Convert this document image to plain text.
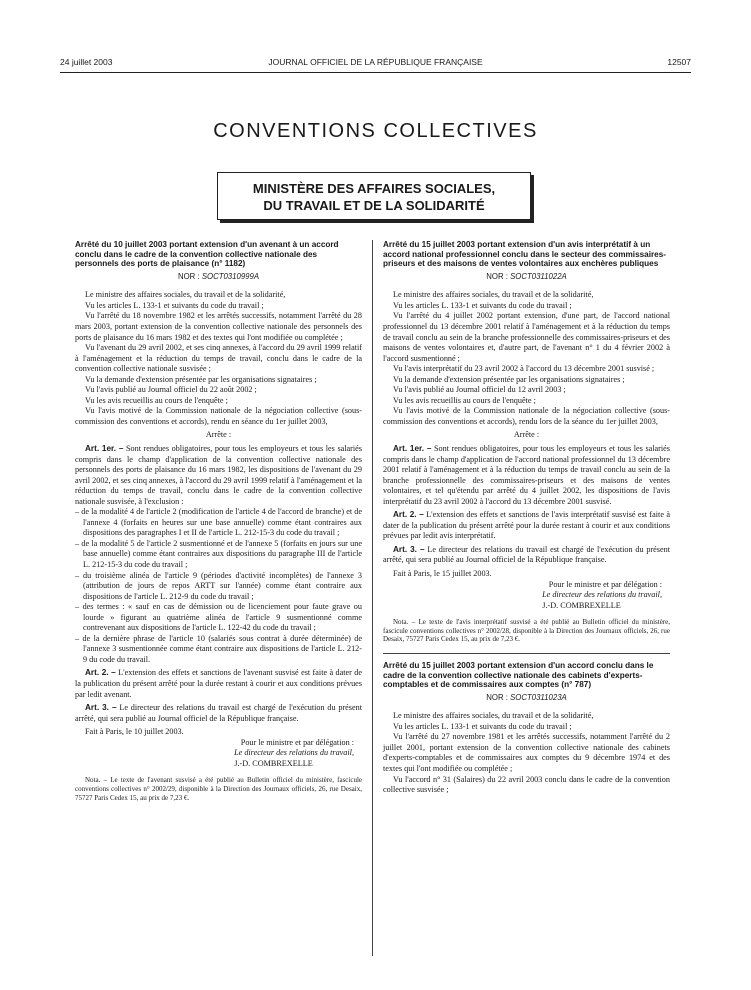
24 juillet 2003	JOURNAL OFFICIEL DE LA RÉPUBLIQUE FRANÇAISE	12507
CONVENTIONS COLLECTIVES
MINISTÈRE DES AFFAIRES SOCIALES,
DU TRAVAIL ET DE LA SOLIDARITÉ
Arrêté du 10 juillet 2003 portant extension d'un avenant à un accord conclu dans le cadre de la convention collective nationale des personnels des ports de plaisance (n° 1182)
NOR : SOCT0310999A

Le ministre des affaires sociales, du travail et de la solidarité,

Vu les articles L. 133-1 et suivants du code du travail ;

Vu l'arrêté du 18 novembre 1982 et les arrêtés successifs, notamment l'arrêté du 28 mars 2003, portant extension de la convention collective nationale des personnels des ports de plaisance du 16 mars 1982 et des textes qui l'ont modifiée ou complétée ;

Vu l'avenant du 29 avril 2002, et ses cinq annexes, à l'accord du 29 avril 1999 relatif à l'aménagement et la réduction du temps de travail, conclu dans le cadre de la convention collective nationale susvisée ;

Vu la demande d'extension présentée par les organisations signataires ;

Vu l'avis publié au Journal officiel du 22 août 2002 ;

Vu les avis recueillis au cours de l'enquête ;

Vu l'avis motivé de la Commission nationale de la négociation collective (sous-commission des conventions et accords), rendu en séance du 1er juillet 2003,

Arrête :

Art. 1er. – Sont rendues obligatoires, pour tous les employeurs et tous les salariés compris dans le champ d'application de la convention collective nationale des personnels des ports de plaisance du 16 mars 1982, les dispositions de l'avenant du 29 avril 2002, et ses cinq annexes, à l'accord du 29 avril 1999 relatif à l'aménagement et la réduction du temps de travail, conclu dans le cadre de la convention collective nationale susvisée, à l'exclusion :

– de la modalité 4 de l'article 2 (modification de l'article 4 de l'accord de branche) et de l'annexe 4 (forfaits en heures sur une base annuelle) comme étant contraires aux dispositions des paragraphes I et II de l'article L. 212-15-3 du code du travail ;

– de la modalité 5 de l'article 2 susmentionné et de l'annexe 5 (forfaits en jours sur une base annuelle) comme étant contraires aux dispositions du paragraphe III de l'article L. 212-15-3 du code du travail ;

– du troisième alinéa de l'article 9 (périodes d'activité incomplètes) de l'annexe 3 (attribution de jours de repos ARTT sur l'année) comme étant contraire aux dispositions de l'article L. 212-9 du code du travail ;

– des termes : « sauf en cas de démission ou de licenciement pour faute grave ou lourde » figurant au quatrième alinéa de l'article 9 susmentionné comme contrevenant aux dispositions de l'article L. 122-42 du code du travail ;

– de la dernière phrase de l'article 10 (salariés sous contrat à durée déterminée) de l'annexe 3 susmentionnée comme étant contraire aux dispositions de l'article L. 212-9 du code du travail.

Art. 2. – L'extension des effets et sanctions de l'avenant susvisé est faite à dater de la publication du présent arrêté pour la durée restant à courir et aux conditions prévues par ledit avenant.

Art. 3. – Le directeur des relations du travail est chargé de l'exécution du présent arrêté, qui sera publié au Journal officiel de la République française.

Fait à Paris, le 10 juillet 2003.

Pour le ministre et par délégation :

Le directeur des relations du travail,

J.-D. COMBREXELLE

Nota. – Le texte de l'avenant susvisé a été publié au Bulletin officiel du ministère, fascicule conventions collectives n° 2002/29, disponible à la Direction des Journaux officiels, 26, rue Desaix, 75727 Paris Cedex 15, au prix de 7,23 €.

Arrêté du 15 juillet 2003 portant extension d'un avis interprétatif à un accord national professionnel conclu dans le secteur des commissaires-priseurs et des maisons de ventes volontaires aux enchères publiques
NOR : SOCT0311022A

Le ministre des affaires sociales, du travail et de la solidarité,

Vu les articles L. 133-1 et suivants du code du travail ;

Vu l'arrêté du 4 juillet 2002 portant extension, d'une part, de l'accord national professionnel du 13 décembre 2001 relatif à l'aménagement et à la réduction du temps de travail conclu au sein de la branche professionnelle des commissaires-priseurs et des maisons de ventes volontaires et, d'autre part, de l'avenant n° 1 du 4 février 2002 à l'accord susmentionné ;

Vu l'avis interprétatif du 23 avril 2002 à l'accord du 13 décembre 2001 susvisé ;

Vu la demande d'extension présentée par les organisations signataires ;

Vu l'avis publié au Journal officiel du 12 avril 2003 ;

Vu les avis recueillis au cours de l'enquête ;

Vu l'avis motivé de la Commission nationale de la négociation collective (sous-commission des conventions et accords), rendu lors de la séance du 1er juillet 2003,

Arrête :

Art. 1er. – Sont rendues obligatoires, pour tous les employeurs et tous les salariés compris dans le champ d'application de l'accord national professionnel du 13 décembre 2001 relatif à l'aménagement et à la réduction du temps de travail conclu au sein de la branche professionnelle des commissaires-priseurs et des maisons de ventes volontaires, et tel qu'étendu par arrêté du 4 juillet 2002, les dispositions de l'avis interprétatif du 23 avril 2002 à l'accord du 13 décembre 2001 susvisé.

Art. 2. – L'extension des effets et sanctions de l'avis interprétatif susvisé est faite à dater de la publication du présent arrêté pour la durée restant à courir et aux conditions prévues par ledit avis interprétatif.

Art. 3. – Le directeur des relations du travail est chargé de l'exécution du présent arrêté, qui sera publié au Journal officiel de la République française.

Fait à Paris, le 15 juillet 2003.

Pour le ministre et par délégation :

Le directeur des relations du travail,

J.-D. COMBREXELLE

Nota. – Le texte de l'avis interprétatif susvisé a été publié au Bulletin officiel du ministère, fascicule conventions collectives n° 2002/28, disponible à la Direction des Journaux officiels, 26, rue Desaix, 75727 Paris Cedex 15, au prix de 7,23 €.

Arrêté du 15 juillet 2003 portant extension d'un accord conclu dans le cadre de la convention collective nationale des cabinets d'experts-comptables et de commissaires aux comptes (n° 787)
NOR : SOCT0311023A

Le ministre des affaires sociales, du travail et de la solidarité,

Vu les articles L. 133-1 et suivants du code du travail ;

Vu l'arrêté du 27 novembre 1981 et les arrêtés successifs, notamment l'arrêté du 2 juillet 2001, portant extension de la convention collective nationale des cabinets d'experts-comptables et de commissaires aux comptes du 9 décembre 1974 et des textes qui l'ont modifiée ou complétée ;

Vu l'accord n° 31 (Salaires) du 22 avril 2003 conclu dans le cadre de la convention collective susvisée ;
